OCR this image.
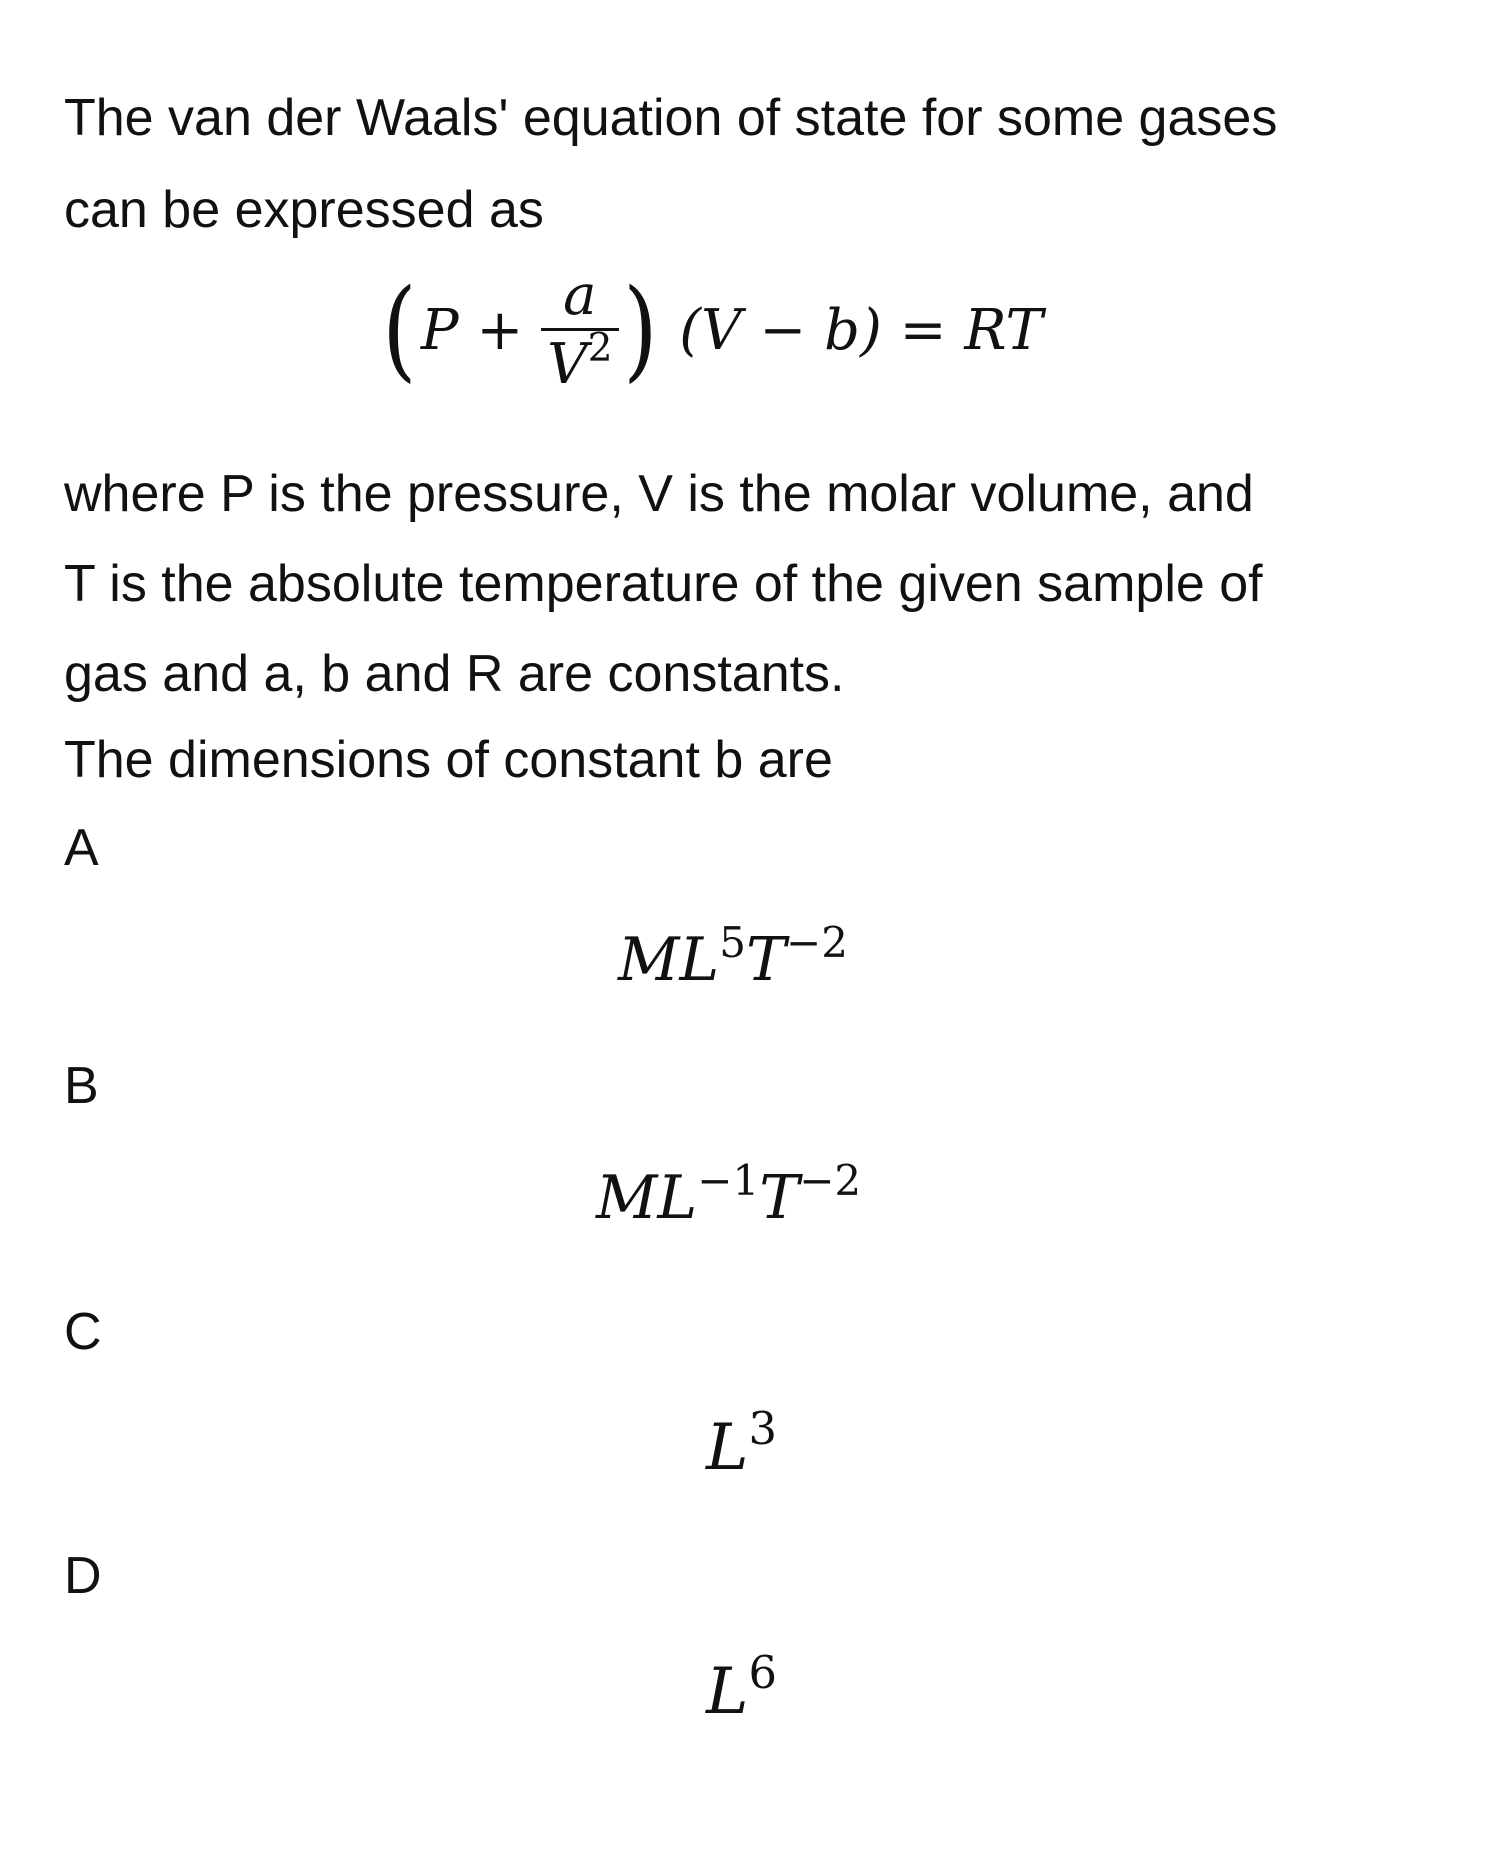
The van der Waals' equation of state for some gases
can be expressed as
($P + \frac{a}{V^2}$ ) (V − b) = RT
where P is the pressure, V is the molar volume, and
T is the absolute temperature of the given sample of
gas and a, b and R are constants.
The dimensions of constant b are
A
$ML^5T^{-2}$
B
$ML^{-1}T^{-2}$
C
$L^3$
D
$L^6$
